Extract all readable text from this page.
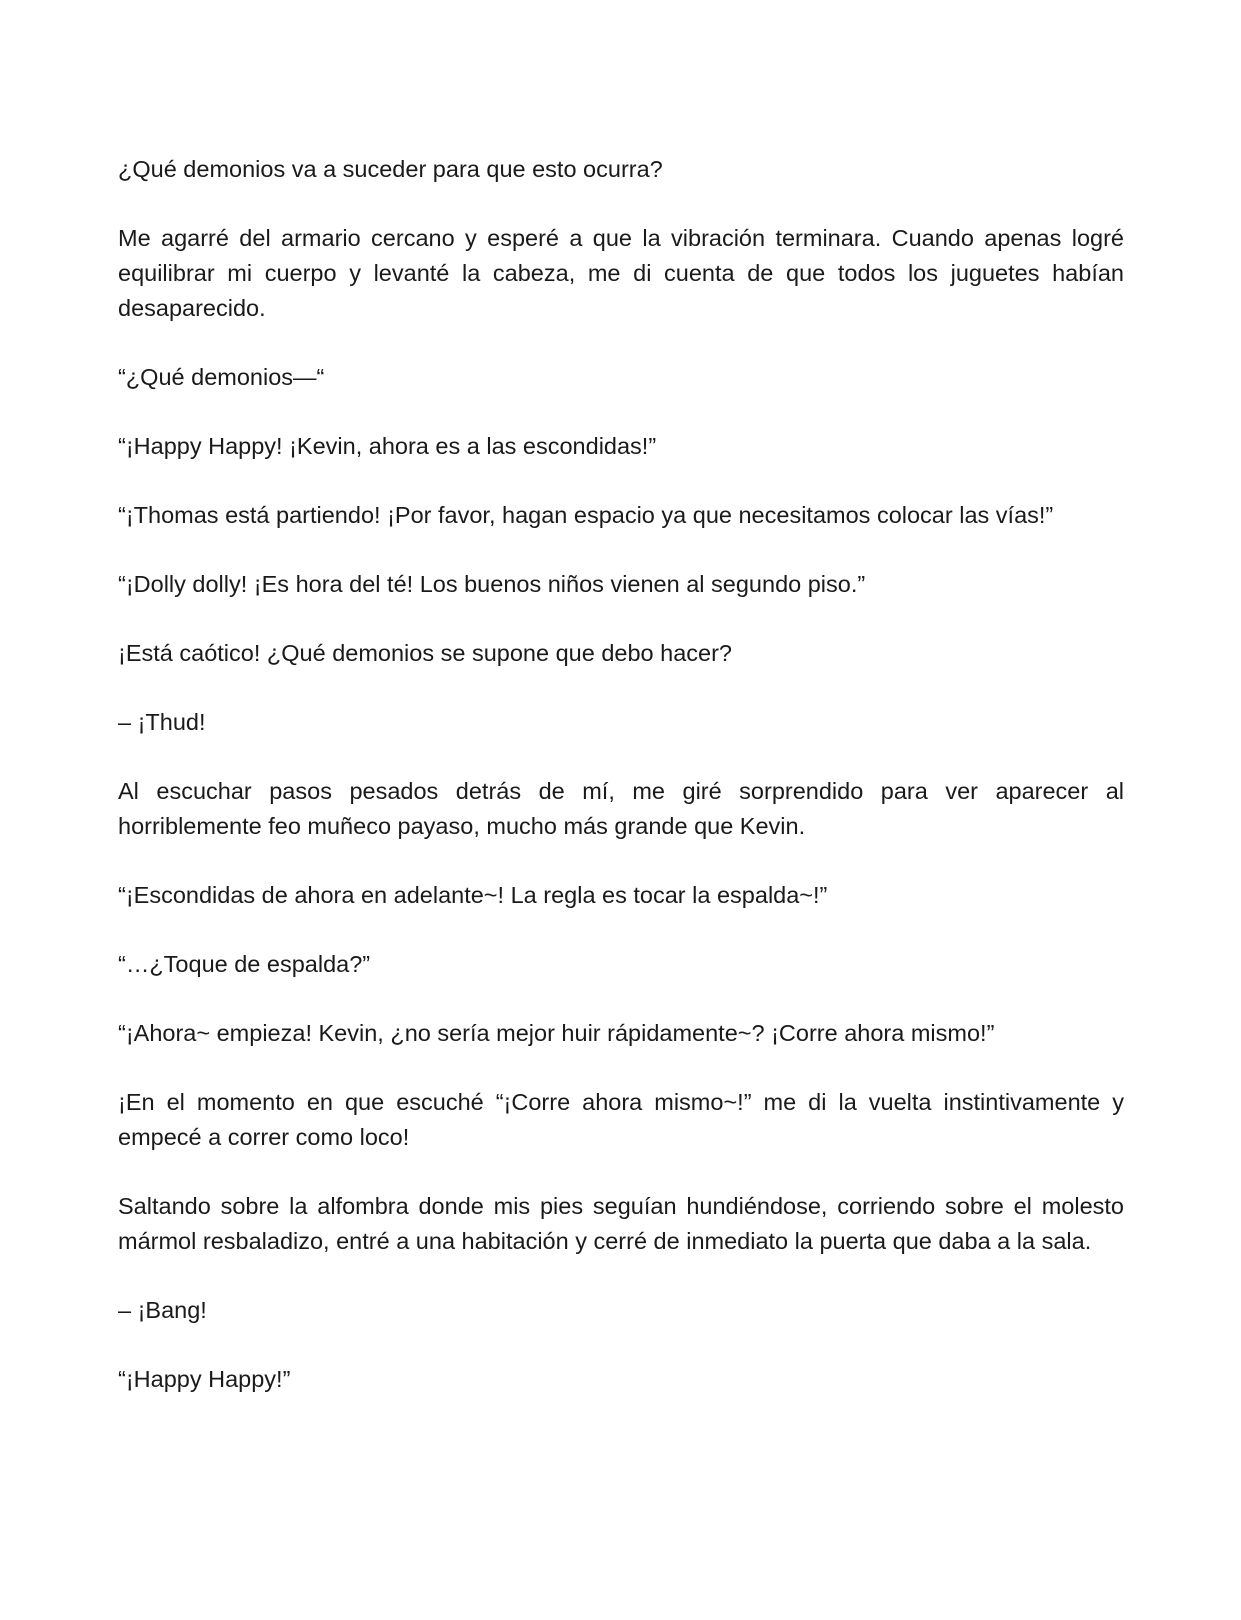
¿Qué demonios va a suceder para que esto ocurra?

Me agarré del armario cercano y esperé a que la vibración terminara. Cuando apenas logré equilibrar mi cuerpo y levanté la cabeza, me di cuenta de que todos los juguetes habían desaparecido.

“¿Qué demonios—“

“¡Happy Happy! ¡Kevin, ahora es a las escondidas!”

“¡Thomas está partiendo! ¡Por favor, hagan espacio ya que necesitamos colocar las vías!”

“¡Dolly dolly! ¡Es hora del té! Los buenos niños vienen al segundo piso.”

¡Está caótico! ¿Qué demonios se supone que debo hacer?

– ¡Thud!

Al escuchar pasos pesados detrás de mí, me giré sorprendido para ver aparecer al horriblemente feo muñeco payaso, mucho más grande que Kevin.

“¡Escondidas de ahora en adelante~! La regla es tocar la espalda~!”

“…¿Toque de espalda?”

“¡Ahora~ empieza! Kevin, ¿no sería mejor huir rápidamente~? ¡Corre ahora mismo!”

¡En el momento en que escuché “¡Corre ahora mismo~!” me di la vuelta instintivamente y empecé a correr como loco!

Saltando sobre la alfombra donde mis pies seguían hundiéndose, corriendo sobre el molesto mármol resbaladizo, entré a una habitación y cerré de inmediato la puerta que daba a la sala.

– ¡Bang!

“¡Happy Happy!”
